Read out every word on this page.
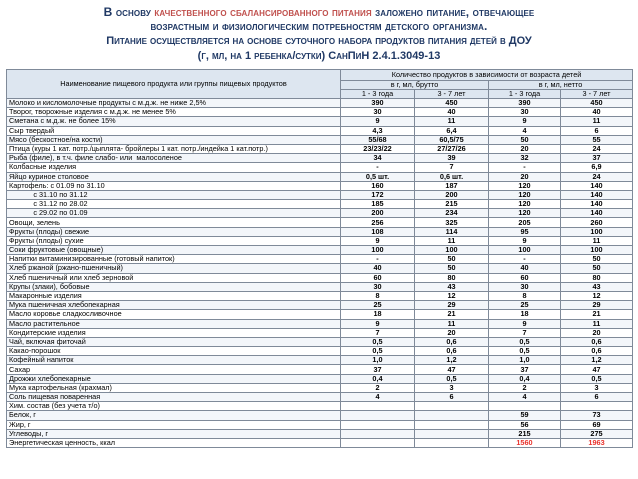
В основу качественного сбалансированного питания заложено питание, отвечающее
возрастным и физиологическим потребностям детского организма.
Питание осуществляется на основе суточного набора продуктов питания детей в ДОУ
(г, мл, на 1 ребенка/сутки) СанПиН 2.4.1.3049-13
Наименование пищевого продукта или группы пищевых продуктов	Количество продуктов в зависимости от возраста детей			
	в г, мл, брутто		в г, мл, нетто	
	1 - 3 года	3 - 7 лет	1 - 3 года	3 - 7 лет
Молоко и кисломолочные продукты с м.д.ж. не ниже 2,5%	390	450	390	450
Творог, творожные изделия с м.д.ж. не менее 5%	30	40	30	40
Сметана с м.д.ж. не более 15%	9	11	9	11
Сыр твердый	4,3	6,4	4	6
Мясо (бескостное/на кости)	55/68	60,5/75	50	55
Птица (куры 1 кат. потр./цыплята- бройлеры 1 кат. потр./индейка 1 кат.потр.)	23/23/22	27/27/26	20	24
Рыба (филе), в т.ч. филе слабо- или  малосоленое	34	39	32	37
Колбасные изделия	-	7	-	6,9
Яйцо куриное столовое	0,5 шт.	0,6 шт.	20	24
Картофель: с 01.09 по 31.10	160	187	120	140
с 31.10 по 31.12	172	200	120	140
с 31.12 по 28.02	185	215	120	140
с 29.02 по 01.09	200	234	120	140
Овощи, зелень	256	325	205	260
Фрукты (плоды) свежие	108	114	95	100
Фрукты (плоды) сухие	9	11	9	11
Соки фруктовые (овощные)	100	100	100	100
Напитки витаминизированные (готовый напиток)	-	50	-	50
Хлеб ржаной (ржано-пшеничный)	40	50	40	50
Хлеб пшеничный или хлеб зерновой	60	80	60	80
Крупы (злаки), бобовые	30	43	30	43
Макаронные изделия	8	12	8	12
Мука пшеничная хлебопекарная	25	29	25	29
Масло коровье сладкосливочное	18	21	18	21
Масло растительное	9	11	9	11
Кондитерские изделия	7	20	7	20
Чай, включая фиточай	0,5	0,6	0,5	0,6
Какао-порошок	0,5	0,6	0,5	0,6
Кофейный напиток	1,0	1,2	1,0	1,2
Сахар	37	47	37	47
Дрожжи хлебопекарные	0,4	0,5	0,4	0,5
Мука картофельная (крахмал)	2	3	2	3
Соль пищевая поваренная	4	6	4	6
Хим. состав (без учета т/о)				
Белок, г			59	73
Жир, г			56	69
Углеводы, г			215	275
Энергетическая ценность, ккал			1560	1963
